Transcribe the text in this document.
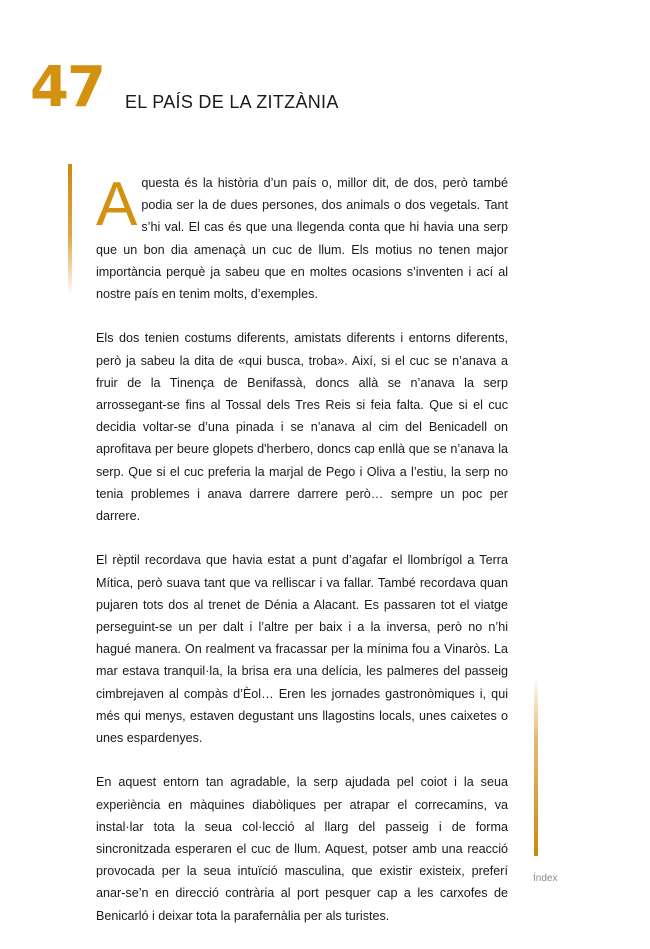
47 EL PAÍS DE LA ZITZÀNIA

Aquesta és la història d’un país o, millor dit, de dos, però també podia ser la de dues persones, dos animals o dos vegetals. Tant s’hi val. El cas és que una llegenda conta que hi havia una serp que un bon dia amenaçà un cuc de llum. Els motius no tenen major importància perquè ja sabeu que en moltes ocasions s’inventen i ací al nostre país en tenim molts, d’exemples.

Els dos tenien costums diferents, amistats diferents i entorns diferents, però ja sabeu la dita de «qui busca, troba». Així, si el cuc se n’anava a fruir de la Tinença de Benifassà, doncs allà se n’anava la serp arrossegant-se fins al Tossal dels Tres Reis si feia falta. Que si el cuc decidia voltar-se d’una pinada i se n’anava al cim del Benicadell on aprofitava per beure glopets d'herbero, doncs cap enllà que se n’anava la serp. Que si el cuc preferia la marjal de Pego i Oliva a l’estiu, la serp no tenia problemes i anava darrere darrere però… sempre un poc per darrere.

El rèptil recordava que havia estat a punt d’agafar el llombrígol a Terra Mítica, però suava tant que va relliscar i va fallar. També recordava quan pujaren tots dos al trenet de Dénia a Alacant. Es passaren tot el viatge perseguint-se un per dalt i l’altre per baix i a la inversa, però no n’hi hagué manera. On realment va fracassar per la mínima fou a Vinaròs. La mar estava tranquil·la, la brisa era una delícia, les palmeres del passeig cimbrejaven al compàs d’Èol… Eren les jornades gastronòmiques i, qui més qui menys, estaven degustant uns llagostins locals, unes caixetes o unes espardenyes.

En aquest entorn tan agradable, la serp ajudada pel coiot i la seua experiència en màquines diabòliques per atrapar el correcamins, va instal·lar tota la seua col·lecció al llarg del passeig i de forma sincronitzada esperaren el cuc de llum. Aquest, potser amb una reacció provocada per la seua intuïció masculina, que existir existeix, preferí anar-se’n en direcció contrària al port pesquer cap a les carxofes de Benicarló i deixar tota la parafernàlia per als turistes.

Índex
